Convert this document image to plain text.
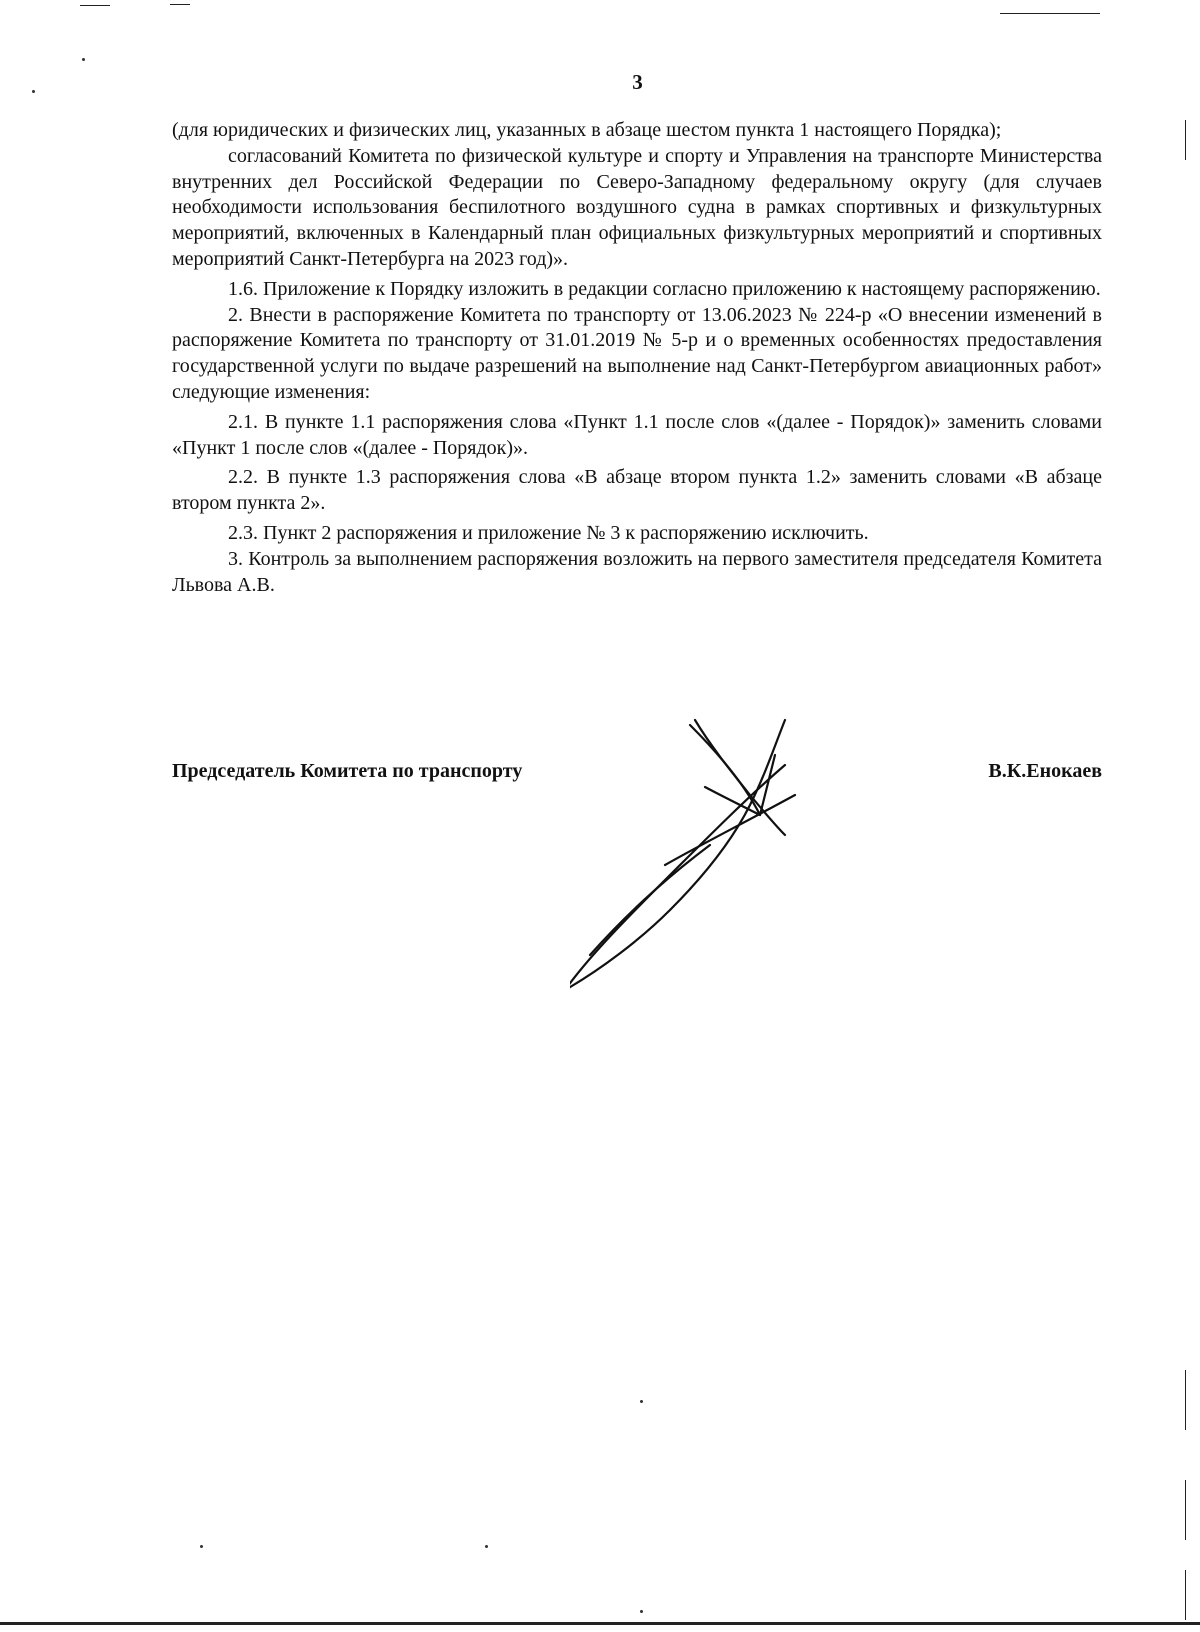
3

(для юридических и физических лиц, указанных в абзаце шестом пункта 1 настоящего Порядка);

согласований Комитета по физической культуре и спорту и Управления на транспорте Министерства внутренних дел Российской Федерации по Северо-Западному федеральному округу (для случаев необходимости использования беспилотного воздушного судна в рамках спортивных и физкультурных мероприятий, включенных в Календарный план официальных физкультурных мероприятий и спортивных мероприятий Санкт-Петербурга на 2023 год)».

1.6. Приложение к Порядку изложить в редакции согласно приложению к настоящему распоряжению.

2. Внести в распоряжение Комитета по транспорту от 13.06.2023 № 224-р «О внесении изменений в распоряжение Комитета по транспорту от 31.01.2019 № 5-р и о временных особенностях предоставления государственной услуги по выдаче разрешений на выполнение над Санкт-Петербургом авиационных работ» следующие изменения:

2.1. В пункте 1.1 распоряжения слова «Пункт 1.1 после слов «(далее - Порядок)» заменить словами «Пункт 1 после слов «(далее - Порядок)».

2.2. В пункте 1.3 распоряжения слова «В абзаце втором пункта 1.2» заменить словами «В абзаце втором пункта 2».

2.3. Пункт 2 распоряжения и приложение № 3 к распоряжению исключить.

3. Контроль за выполнением распоряжения возложить на первого заместителя председателя Комитета Львова А.В.

Председатель Комитета по транспорту	В.К.Енокаев
